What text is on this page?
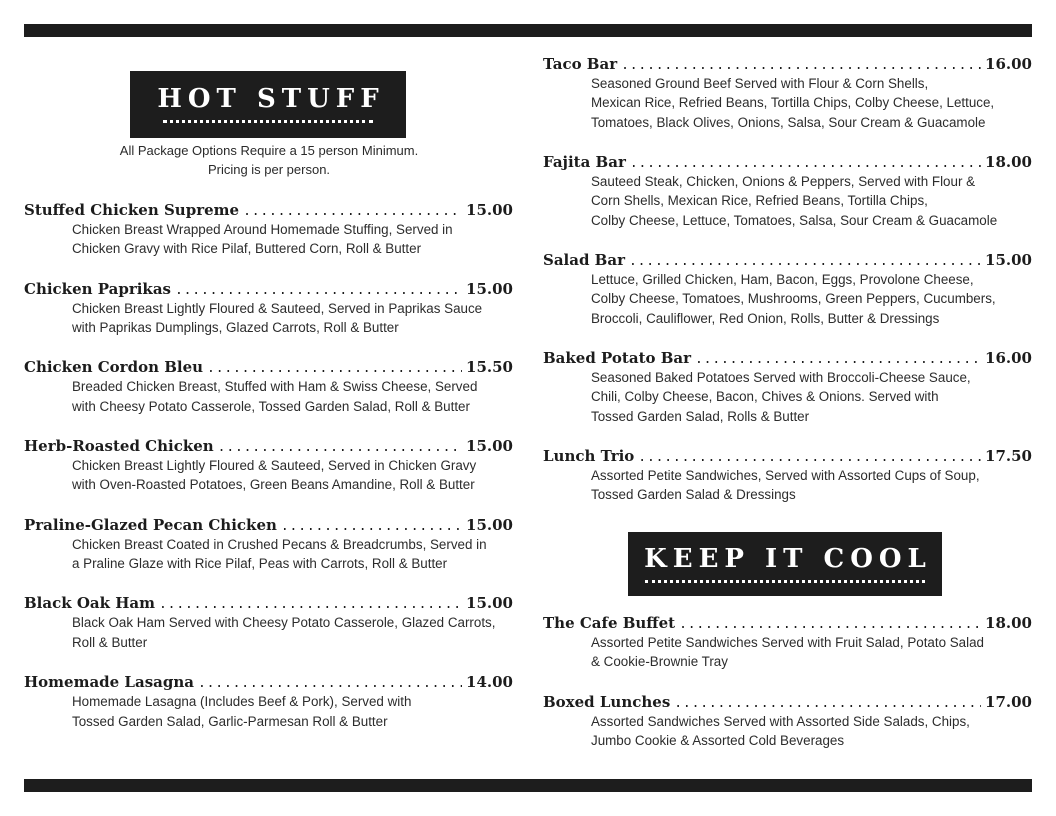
HOT STUFF
All Package Options Require a 15 person Minimum.
Pricing is per person.
Stuffed Chicken Supreme . . .	15.00
Chicken Breast Wrapped Around Homemade Stuffing, Served in
Chicken Gravy with Rice Pilaf, Buttered Corn, Roll & Butter
Chicken Paprikas . . .	15.00
Chicken Breast Lightly Floured & Sauteed, Served in Paprikas Sauce
with Paprikas Dumplings, Glazed Carrots, Roll & Butter
Chicken Cordon Bleu . . .	15.50
Breaded Chicken Breast, Stuffed with Ham & Swiss Cheese, Served
with Cheesy Potato Casserole, Tossed Garden Salad, Roll & Butter
Herb-Roasted Chicken . . .	15.00
Chicken Breast Lightly Floured & Sauteed, Served in Chicken Gravy
with Oven-Roasted Potatoes, Green Beans Amandine, Roll & Butter
Praline-Glazed Pecan Chicken . . .	15.00
Chicken Breast Coated in Crushed Pecans & Breadcrumbs, Served in
a Praline Glaze with Rice Pilaf, Peas with Carrots, Roll & Butter
Black Oak Ham . . .	15.00
Black Oak Ham Served with Cheesy Potato Casserole, Glazed Carrots,
Roll & Butter
Homemade Lasagna . . .	14.00
Homemade Lasagna (Includes Beef & Pork), Served with
Tossed Garden Salad, Garlic-Parmesan Roll & Butter
Taco Bar . . .	16.00
Seasoned Ground Beef Served with Flour & Corn Shells,
Mexican Rice, Refried Beans, Tortilla Chips, Colby Cheese, Lettuce,
Tomatoes, Black Olives, Onions, Salsa, Sour Cream & Guacamole
Fajita Bar . . .	18.00
Sauteed Steak, Chicken, Onions & Peppers, Served with Flour &
Corn Shells, Mexican Rice, Refried Beans, Tortilla Chips,
Colby Cheese, Lettuce, Tomatoes, Salsa, Sour Cream & Guacamole
Salad Bar . . .	15.00
Lettuce, Grilled Chicken, Ham, Bacon, Eggs, Provolone Cheese,
Colby Cheese, Tomatoes, Mushrooms, Green Peppers, Cucumbers,
Broccoli, Cauliflower, Red Onion, Rolls, Butter & Dressings
Baked Potato Bar . . .	16.00
Seasoned Baked Potatoes Served with Broccoli-Cheese Sauce,
Chili, Colby Cheese, Bacon, Chives & Onions. Served with
Tossed Garden Salad, Rolls & Butter
Lunch Trio . . .	17.50
Assorted Petite Sandwiches, Served with Assorted Cups of Soup,
Tossed Garden Salad & Dressings
KEEP IT COOL
The Cafe Buffet . . .	18.00
Assorted Petite Sandwiches Served with Fruit Salad, Potato Salad
& Cookie-Brownie Tray
Boxed Lunches . . .	17.00
Assorted Sandwiches Served with Assorted Side Salads, Chips,
Jumbo Cookie & Assorted Cold Beverages
